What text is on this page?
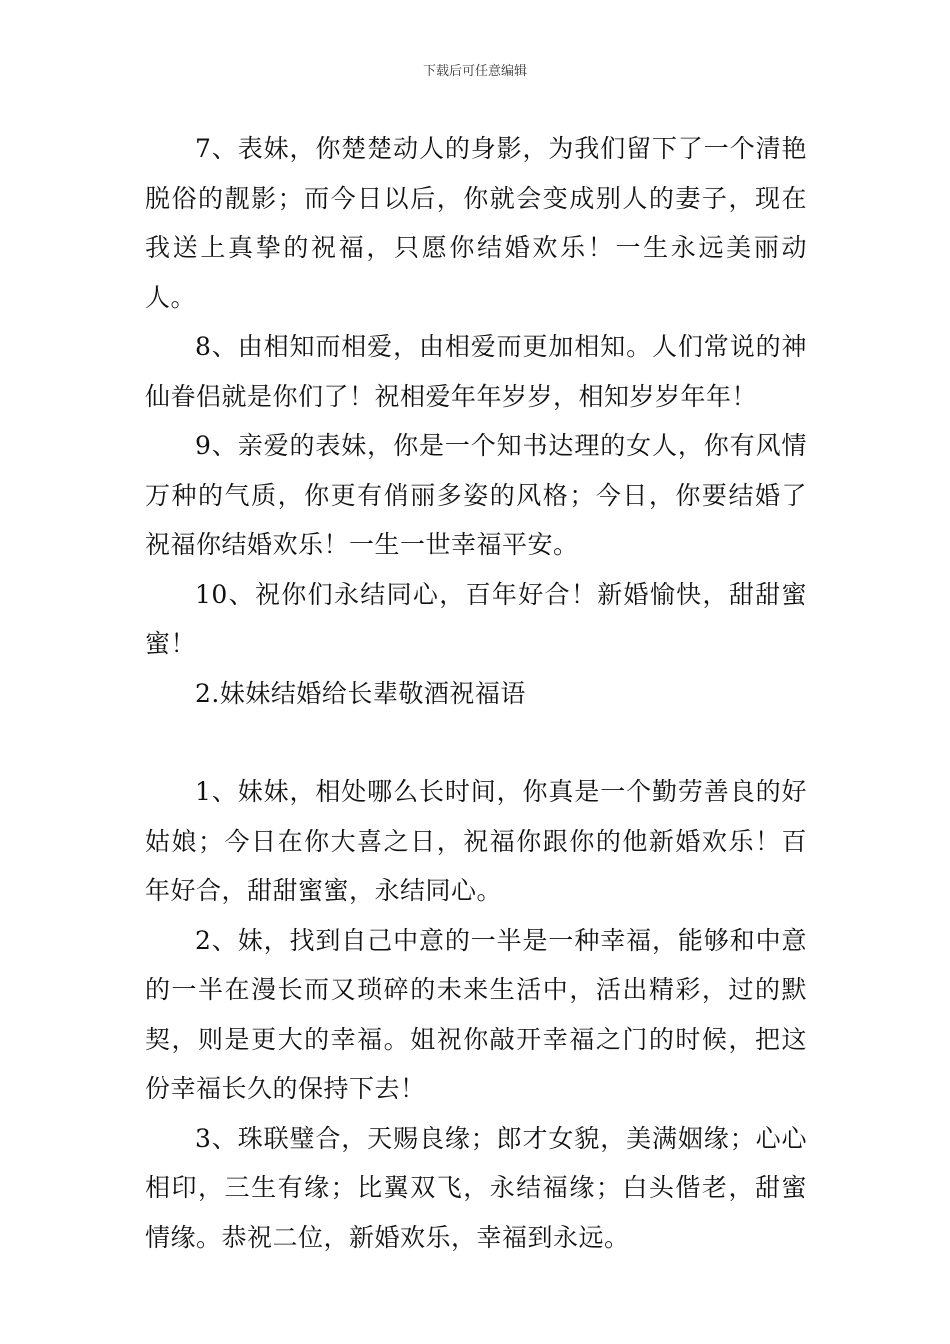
下载后可任意编辑

7、表妹，你楚楚动人的身影，为我们留下了一个清艳脱俗的靓影；而今日以后，你就会变成别人的妻子，现在我送上真挚的祝福，只愿你结婚欢乐！一生永远美丽动人。

8、由相知而相爱，由相爱而更加相知。人们常说的神仙眷侣就是你们了！祝相爱年年岁岁，相知岁岁年年！

9、亲爱的表妹，你是一个知书达理的女人，你有风情万种的气质，你更有俏丽多姿的风格；今日，你要结婚了祝福你结婚欢乐！一生一世幸福平安。

10、祝你们永结同心，百年好合！新婚愉快，甜甜蜜蜜！

2.妹妹结婚给长辈敬酒祝福语

1、妹妹，相处哪么长时间，你真是一个勤劳善良的好姑娘；今日在你大喜之日，祝福你跟你的他新婚欢乐！百年好合，甜甜蜜蜜，永结同心。

2、妹，找到自己中意的一半是一种幸福，能够和中意的一半在漫长而又琐碎的未来生活中，活出精彩，过的默契，则是更大的幸福。姐祝你敲开幸福之门的时候，把这份幸福长久的保持下去！

3、珠联璧合，天赐良缘；郎才女貌，美满姻缘；心心相印，三生有缘；比翼双飞，永结福缘；白头偕老，甜蜜情缘。恭祝二位，新婚欢乐，幸福到永远。
